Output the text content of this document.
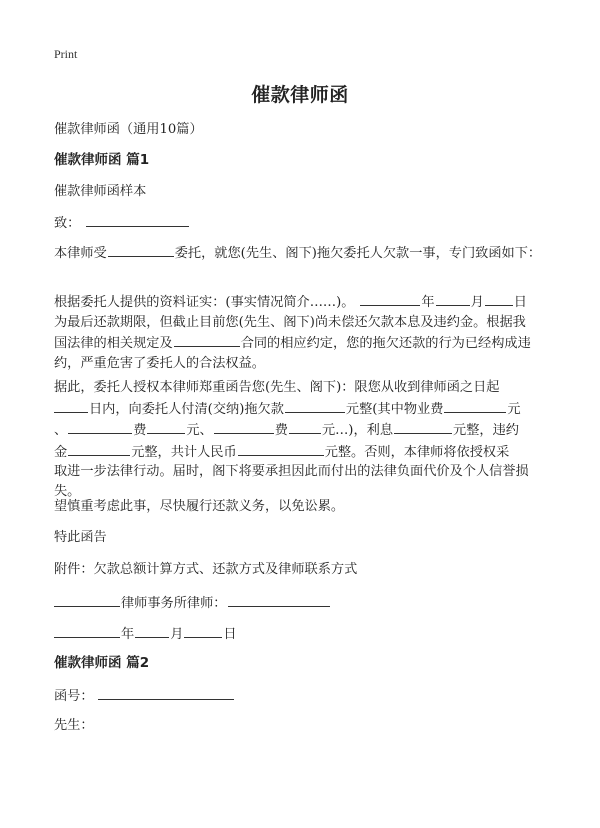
Print
催款律师函

催款律师函（通用10篇）

催款律师函 篇1

催款律师函样本

致：

本律师受	委托，就您(先生、阁下)拖欠委托人欠款一事，专门致函如下：

根据委托人提供的资料证实：(事实情况简介……)。	年	月 日
为最后还款期限，但截止目前您(先生、阁下)尚未偿还欠款本息及违约金。根据我
国法律的相关规定及	合同的相应约定，您的拖欠还款的行为已经构成违
约，严重危害了委托人的合法权益。
据此，委托人授权本律师郑重函告您(先生、阁下)：限您从收到律师函之日起
日内，向委托人付清(交纳)拖欠款	元整(其中物业费	元
、	费	元、	费	元…)，利息	元整，违约
金	元整，共计人民币	元整。否则，本律师将依授权采
取进一步法律行动。届时，阁下将要承担因此而付出的法律负面代价及个人信誉损
失。

望慎重考虑此事，尽快履行还款义务，以免讼累。

特此函告

附件：欠款总额计算方式、还款方式及律师联系方式

律师事务所律师：

年	月	日

催款律师函 篇2

函号：

先生：
